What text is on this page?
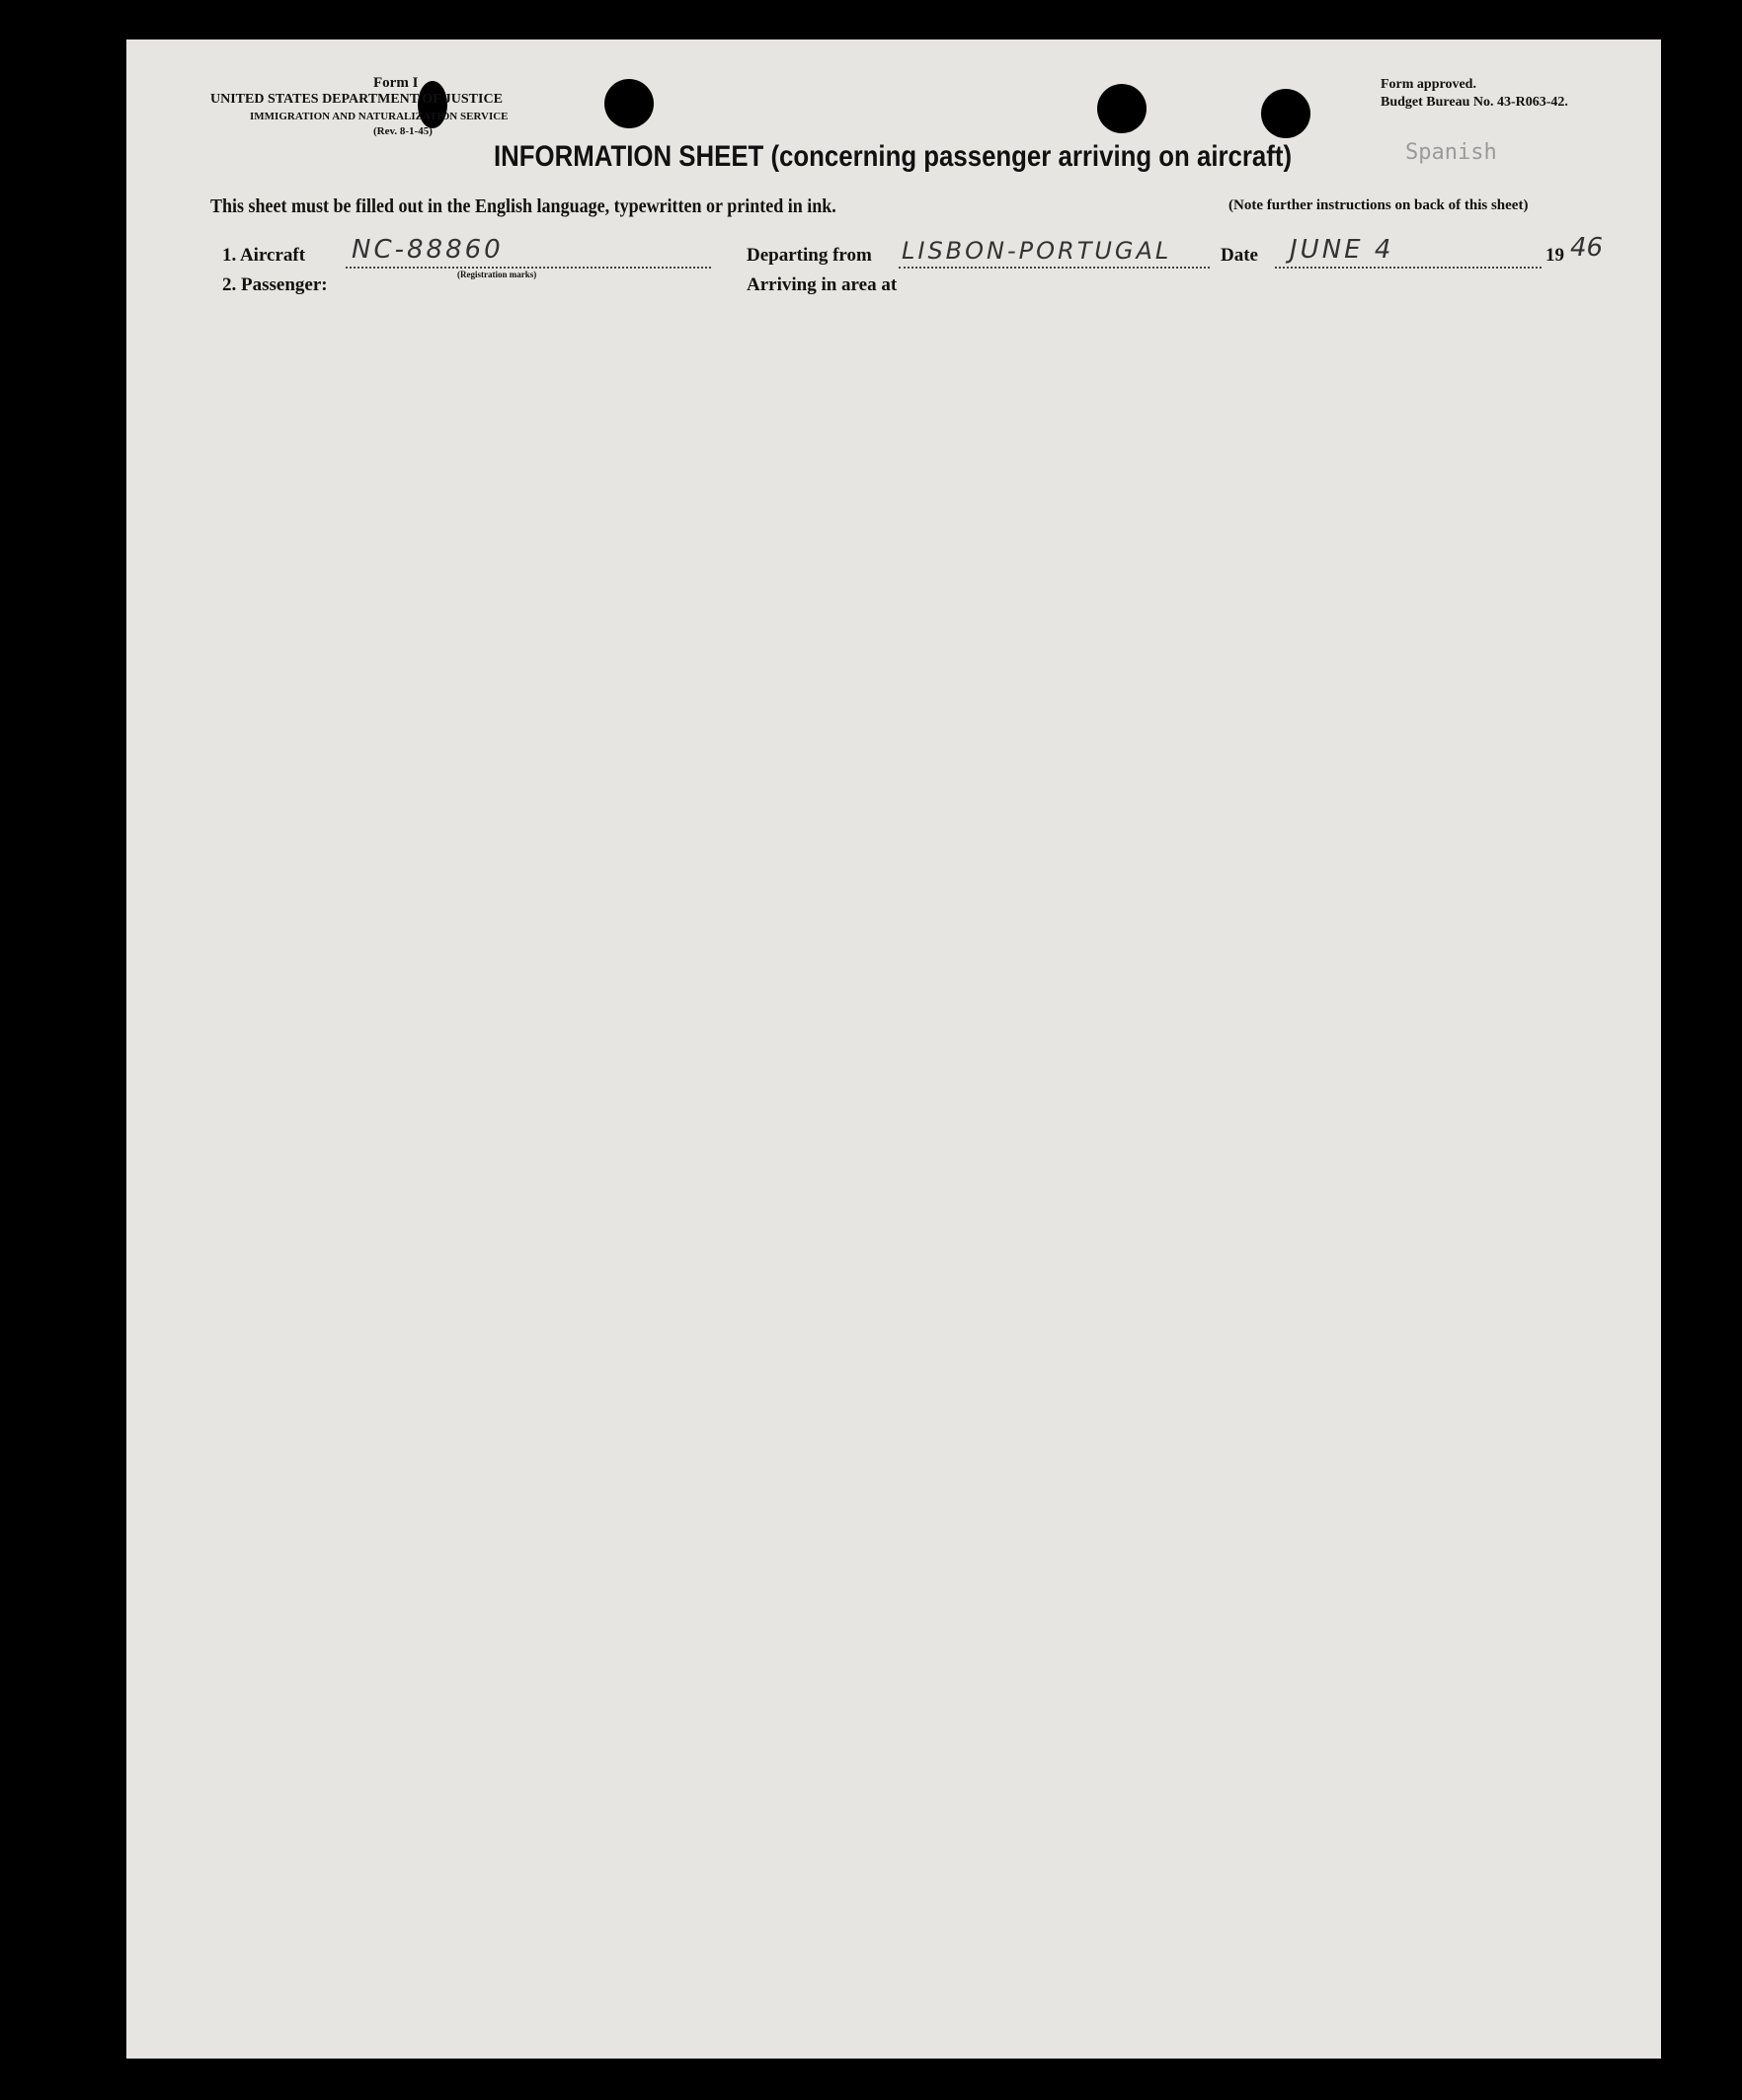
Form I
UNITED STATES DEPARTMENT OF JUSTICE
IMMIGRATION AND NATURALIZATION SERVICE
(Rev. 8-1-45)
Form approved.
Budget Bureau No. 43-R063-42.
INFORMATION SHEET (concerning passenger arriving on aircraft)	Spanish
This sheet must be filled out in the English language, typewritten or printed in ink.	(Note further instructions on back of this sheet)
1. Aircraft NC-88860
(Registration marks)
Departing from LISBON-PORTUGAL	Date JUNE 4	19 46
2. Passenger:	Arriving in area at
